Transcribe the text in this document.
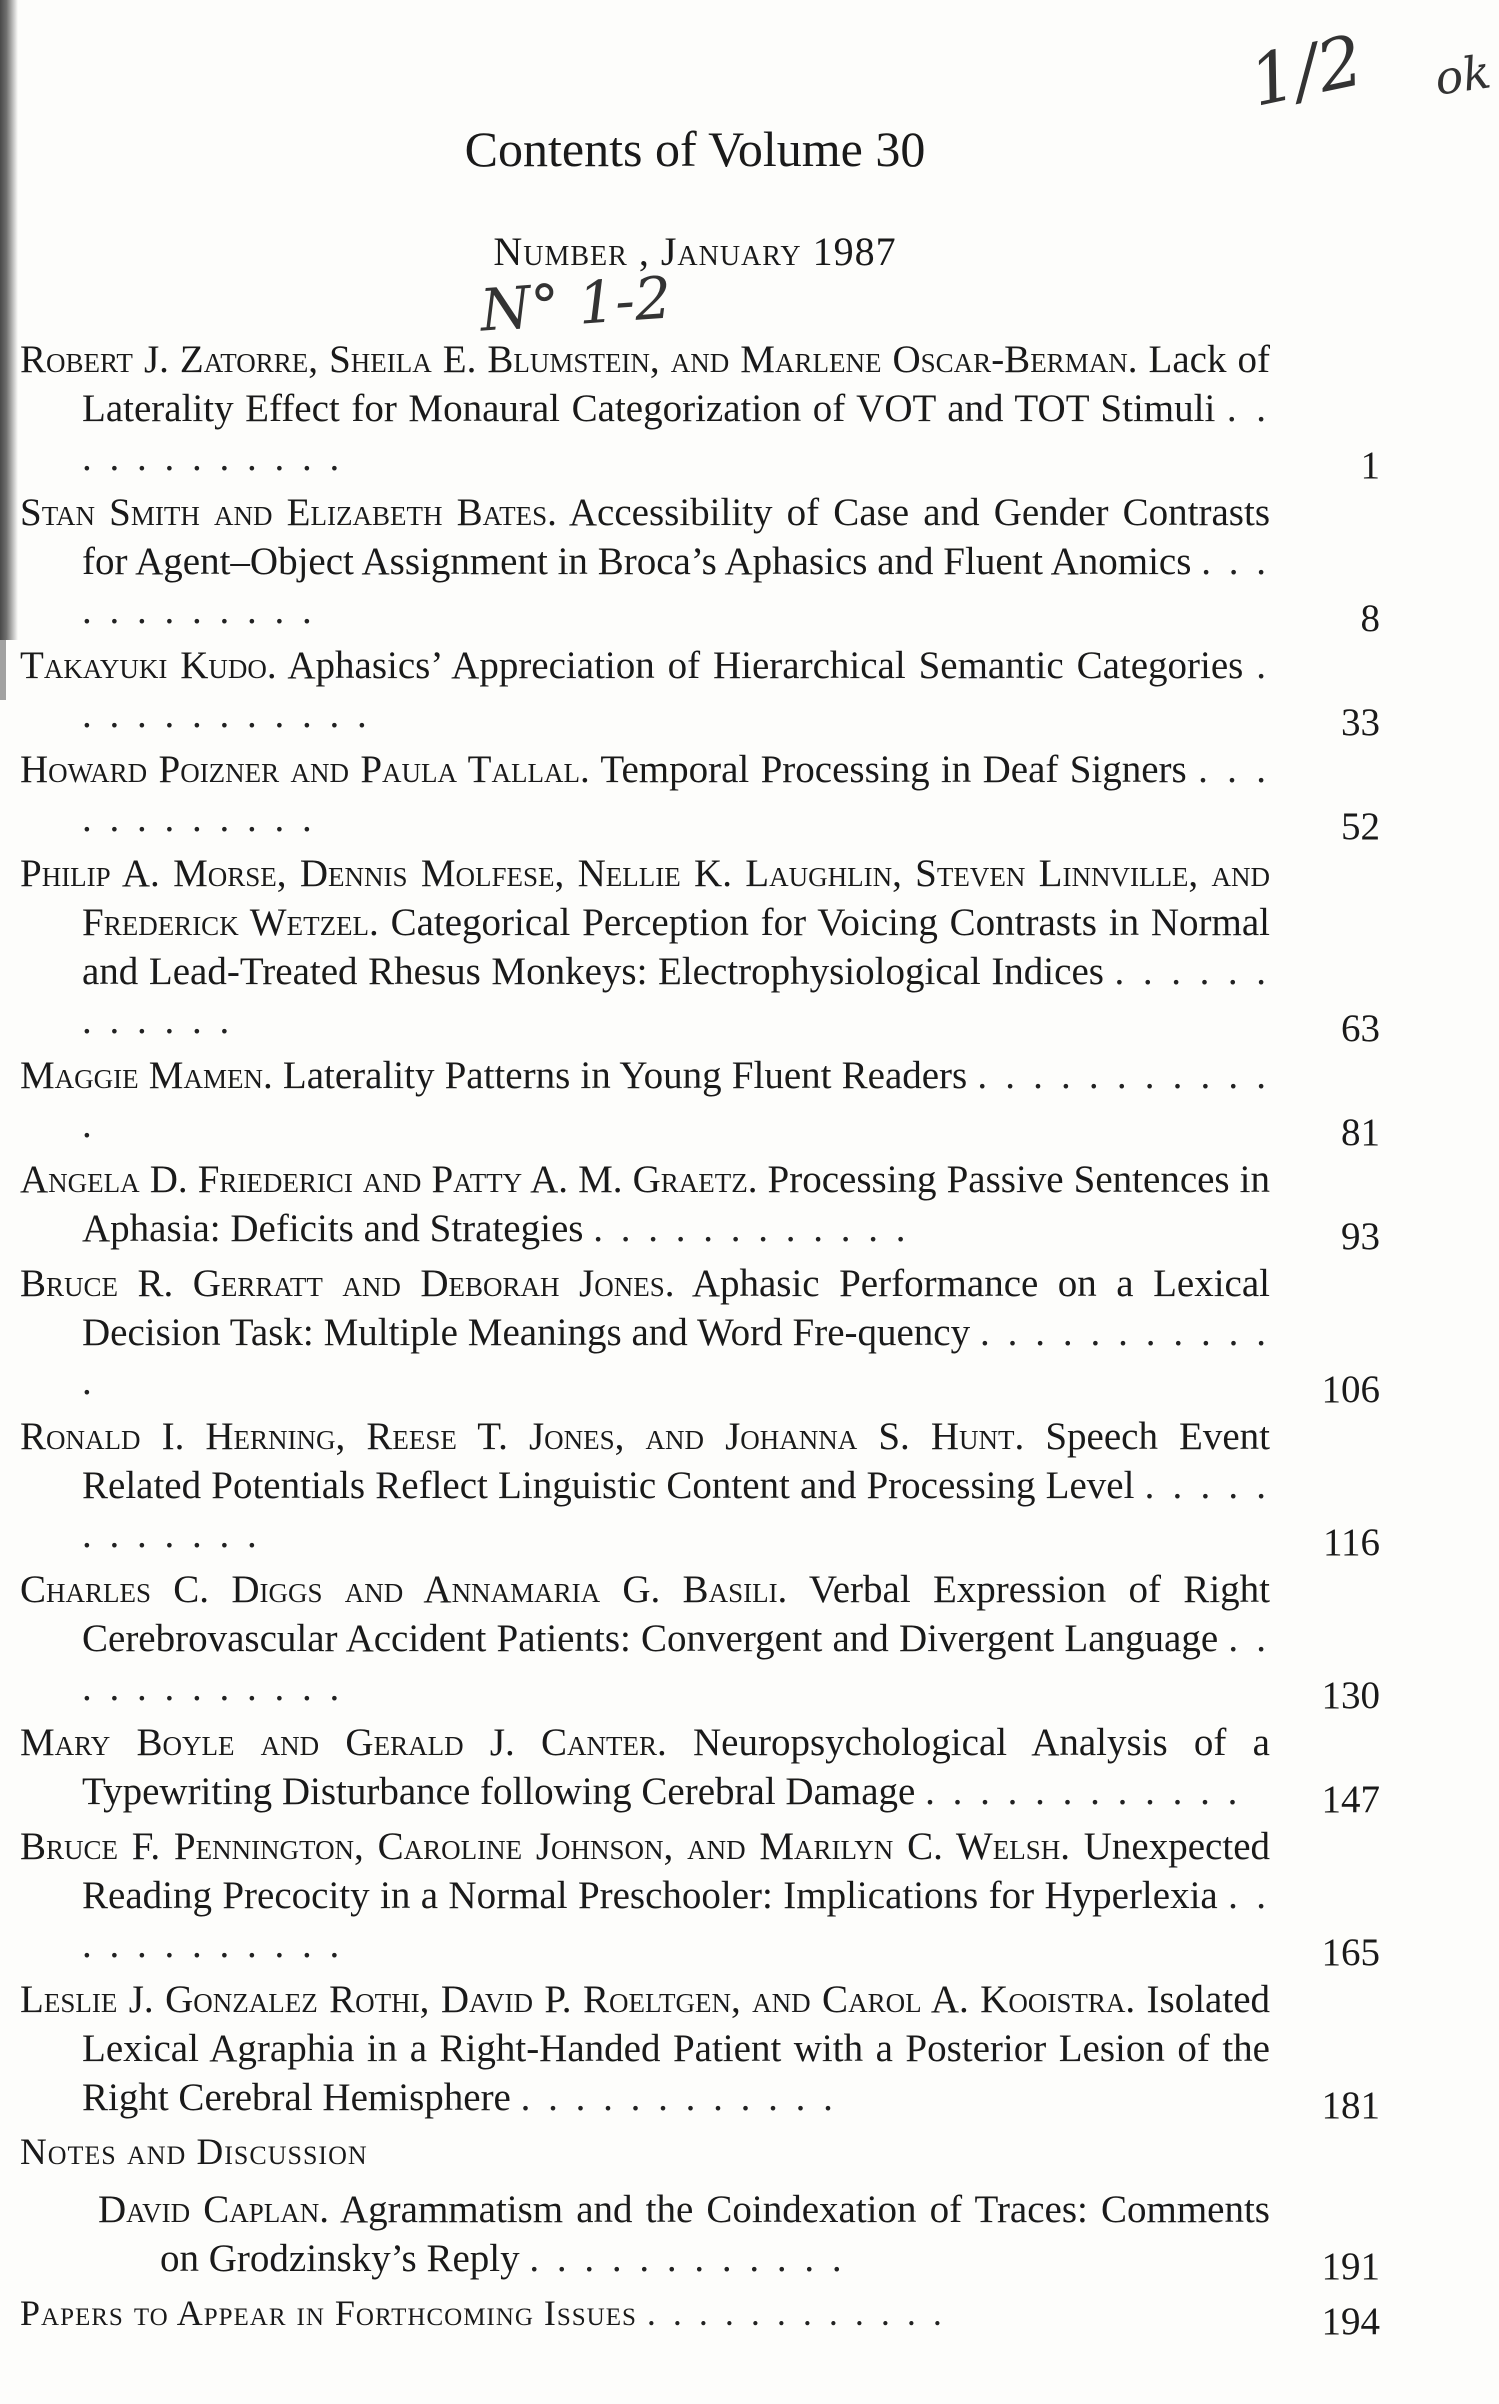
1/2 ok
N° 1-2
Contents of Volume 30
Number , January 1987
Robert J. Zatorre, Sheila E. Blumstein, and Marlene Oscar-Berman. Lack of Laterality Effect for Monaural Categorization of VOT and TOT Stimuli . . . . . . . . . . . .	1
Stan Smith and Elizabeth Bates. Accessibility of Case and Gender Contrasts for Agent–Object Assignment in Broca’s Aphasics and Fluent Anomics . . . . . . . . . . . .	8
Takayuki Kudo. Aphasics’ Appreciation of Hierarchical Semantic Categories . . . . . . . . . . . .	33
Howard Poizner and Paula Tallal. Temporal Processing in Deaf Signers . . . . . . . . . . . .	52
Philip A. Morse, Dennis Molfese, Nellie K. Laughlin, Steven Linnville, and Frederick Wetzel. Categorical Perception for Voicing Contrasts in Normal and Lead-Treated Rhesus Monkeys: Electrophysiological Indices . . . . . . . . . . . .	63
Maggie Mamen. Laterality Patterns in Young Fluent Readers . . . . . . . . . . . .	81
Angela D. Friederici and Patty A. M. Graetz. Processing Passive Sentences in Aphasia: Deficits and Strategies . . . . . . . . . . . .	93
Bruce R. Gerratt and Deborah Jones. Aphasic Performance on a Lexical Decision Task: Multiple Meanings and Word Fre-quency . . . . . . . . . . . .	106
Ronald I. Herning, Reese T. Jones, and Johanna S. Hunt. Speech Event Related Potentials Reflect Linguistic Content and Processing Level . . . . . . . . . . . .	116
Charles C. Diggs and Annamaria G. Basili. Verbal Expression of Right Cerebrovascular Accident Patients: Convergent and Divergent Language . . . . . . . . . . . .	130
Mary Boyle and Gerald J. Canter. Neuropsychological Analysis of a Typewriting Disturbance following Cerebral Damage . . . . . . . . . . . .	147
Bruce F. Pennington, Caroline Johnson, and Marilyn C. Welsh. Unexpected Reading Precocity in a Normal Preschooler: Implications for Hyperlexia . . . . . . . . . . . .	165
Leslie J. Gonzalez Rothi, David P. Roeltgen, and Carol A. Kooistra. Isolated Lexical Agraphia in a Right-Handed Patient with a Posterior Lesion of the Right Cerebral Hemisphere . . . . . . . . . . . .	181
Notes and Discussion
David Caplan. Agrammatism and the Coindexation of Traces: Comments on Grodzinsky’s Reply . . . . . . . . . . . .	191
Papers to Appear in Forthcoming Issues . . . . . . . . . . . .	194
